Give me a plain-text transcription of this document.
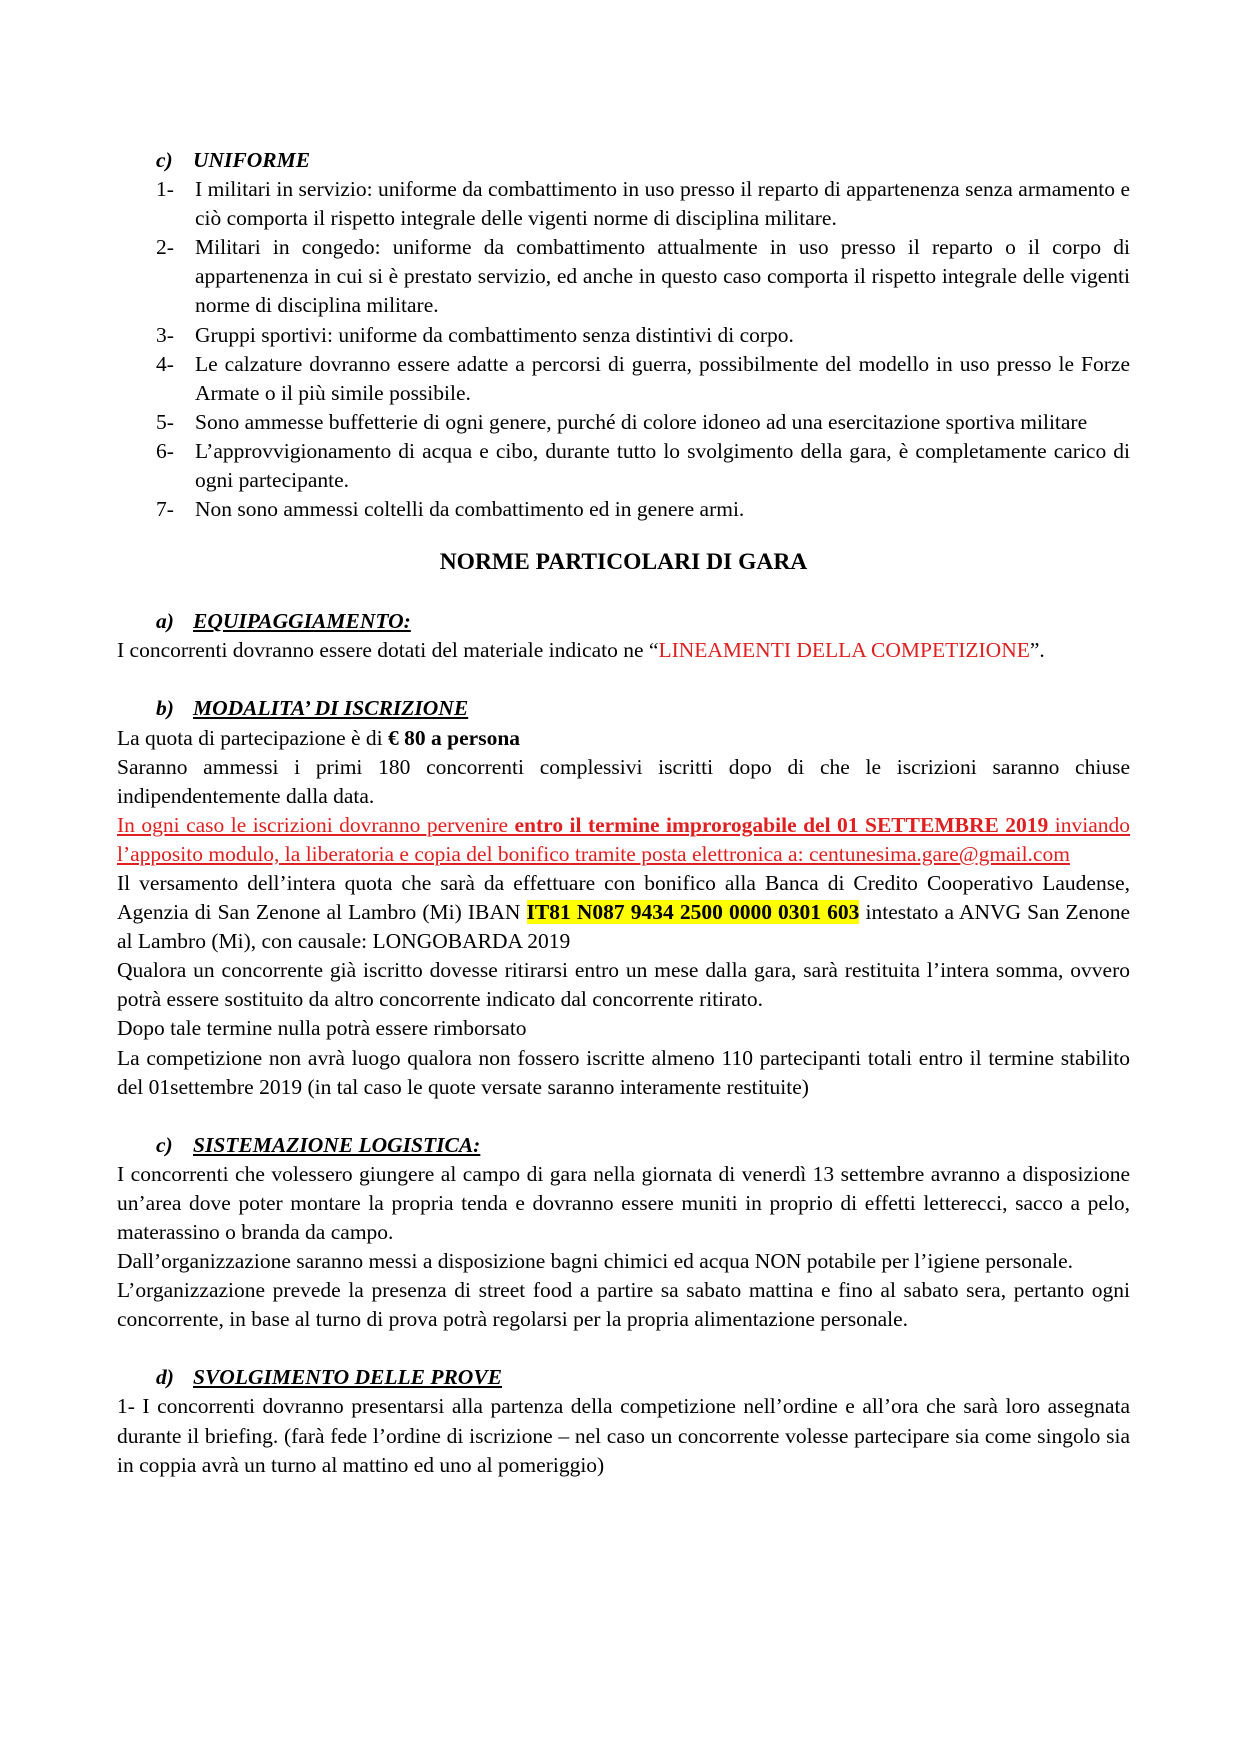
c) UNIFORME

1- I militari in servizio: uniforme da combattimento in uso presso il reparto di appartenenza senza armamento e ciò comporta il rispetto integrale delle vigenti norme di disciplina militare.
2- Militari in congedo: uniforme da combattimento attualmente in uso presso il reparto o il corpo di appartenenza in cui si è prestato servizio, ed anche in questo caso comporta il rispetto integrale delle vigenti norme di disciplina militare.
3- Gruppi sportivi: uniforme da combattimento senza distintivi di corpo.
4- Le calzature dovranno essere adatte a percorsi di guerra, possibilmente del modello in uso presso le Forze Armate o il più simile possibile.
5- Sono ammesse buffetterie di ogni genere, purché di colore idoneo ad una esercitazione sportiva militare
6- L’approvvigionamento di acqua e cibo, durante tutto lo svolgimento della gara, è completamente carico di ogni partecipante.
7- Non sono ammessi coltelli da combattimento ed in genere armi.

NORME PARTICOLARI DI GARA

a) EQUIPAGGIAMENTO:

I concorrenti dovranno essere dotati del materiale indicato ne “LINEAMENTI DELLA COMPETIZIONE”.

b) MODALITA’ DI ISCRIZIONE

La quota di partecipazione è di € 80 a persona

Saranno ammessi i primi 180 concorrenti complessivi iscritti dopo di che le iscrizioni saranno chiuse indipendentemente dalla data.

In ogni caso le iscrizioni dovranno pervenire entro il termine improrogabile del 01 SETTEMBRE 2019 inviando l’apposito modulo, la liberatoria e copia del bonifico tramite posta elettronica a: centunesima.gare@gmail.com

Il versamento dell’intera quota che sarà da effettuare con bonifico alla Banca di Credito Cooperativo Laudense, Agenzia di San Zenone al Lambro (Mi) IBAN IT81 N087 9434 2500 0000 0301 603 intestato a ANVG San Zenone al Lambro (Mi), con causale: LONGOBARDA 2019

Qualora un concorrente già iscritto dovesse ritirarsi entro un mese dalla gara, sarà restituita l’intera somma, ovvero potrà essere sostituito da altro concorrente indicato dal concorrente ritirato.

Dopo tale termine nulla potrà essere rimborsato

La competizione non avrà luogo qualora non fossero iscritte almeno 110 partecipanti totali entro il termine stabilito del 01settembre 2019 (in tal caso le quote versate saranno interamente restituite)

c) SISTEMAZIONE LOGISTICA:

I concorrenti che volessero giungere al campo di gara nella giornata di venerdì 13 settembre avranno a disposizione un’area dove poter montare la propria tenda e dovranno essere muniti in proprio di effetti letterecci, sacco a pelo, materassino o branda da campo.

Dall’organizzazione saranno messi a disposizione bagni chimici ed acqua NON potabile per l’igiene personale.

L’organizzazione prevede la presenza di street food a partire sa sabato mattina e fino al sabato sera, pertanto ogni concorrente, in base al turno di prova potrà regolarsi per la propria alimentazione personale.

d) SVOLGIMENTO DELLE PROVE

1- I concorrenti dovranno presentarsi alla partenza della competizione nell’ordine e all’ora che sarà loro assegnata durante il briefing. (farà fede l’ordine di iscrizione – nel caso un concorrente volesse partecipare sia come singolo sia in coppia avrà un turno al mattino ed uno al pomeriggio)
